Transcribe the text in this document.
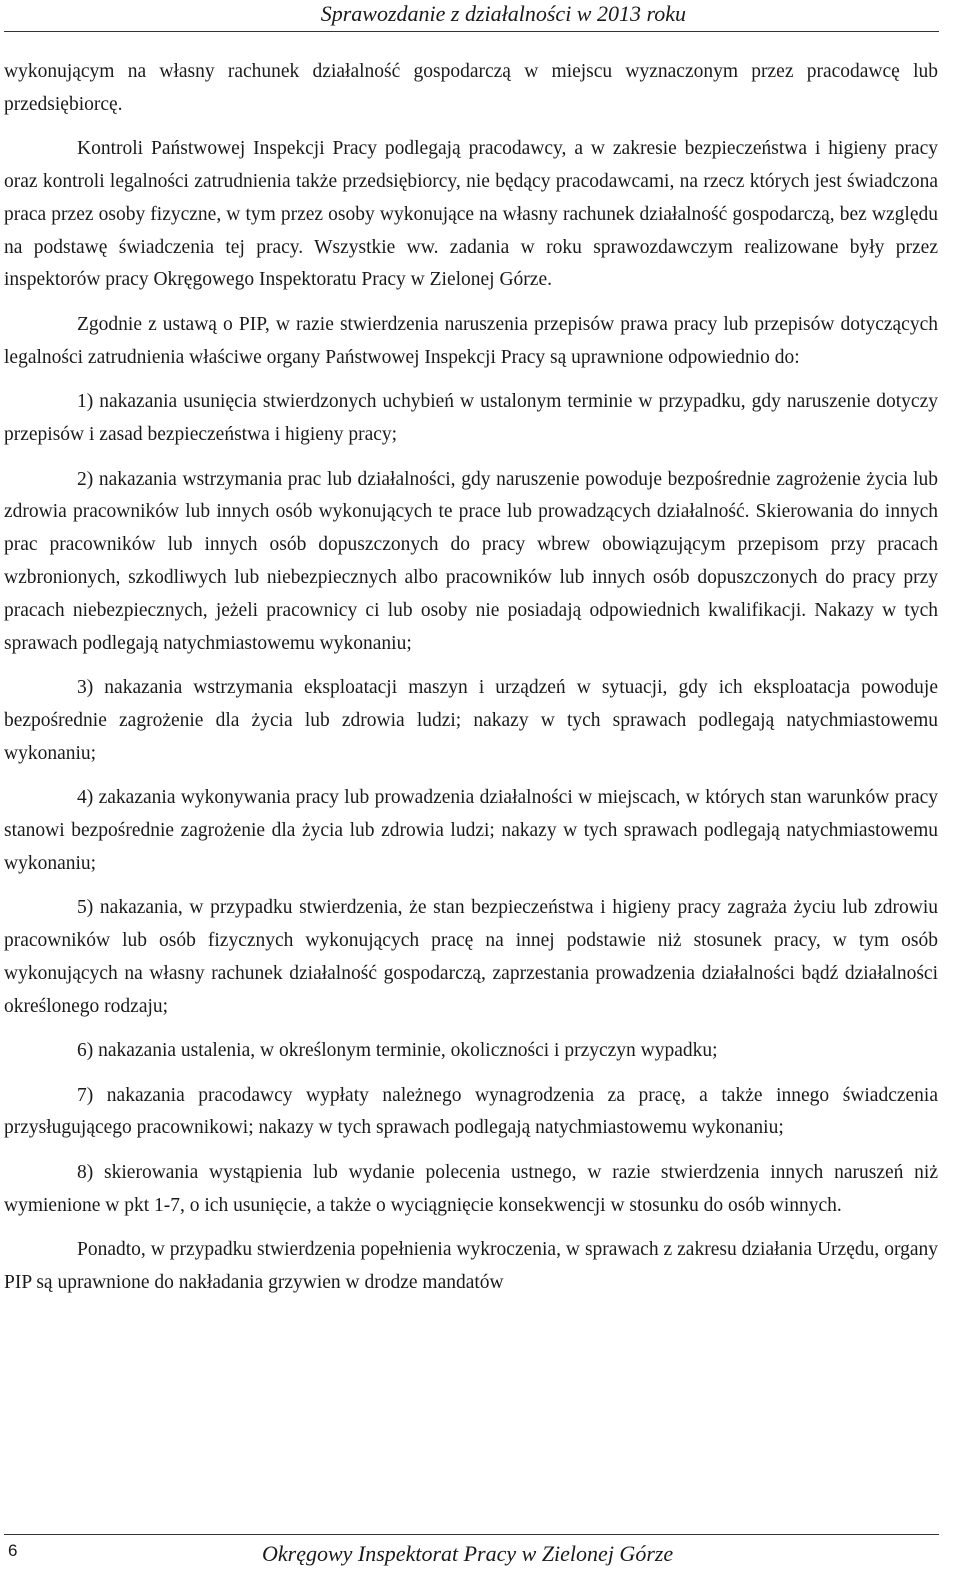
Sprawozdanie z działalności w 2013 roku

wykonującym na własny rachunek działalność gospodarczą w miejscu wyznaczonym przez pracodawcę lub przedsiębiorcę.

Kontroli Państwowej Inspekcji Pracy podlegają pracodawcy, a w zakresie bezpieczeństwa i higieny pracy oraz kontroli legalności zatrudnienia także przedsiębiorcy, nie będący pracodawcami, na rzecz których jest świadczona praca przez osoby fizyczne, w tym przez osoby wykonujące na własny rachunek działalność gospodarczą, bez względu na podstawę świadczenia tej pracy. Wszystkie ww. zadania w roku sprawozdawczym realizowane były przez inspektorów pracy Okręgowego Inspektoratu Pracy w Zielonej Górze.

Zgodnie z ustawą o PIP, w razie stwierdzenia naruszenia przepisów prawa pracy lub przepisów dotyczących legalności zatrudnienia właściwe organy Państwowej Inspekcji Pracy są uprawnione odpowiednio do:

1) nakazania usunięcia stwierdzonych uchybień w ustalonym terminie w przypadku, gdy naruszenie dotyczy przepisów i zasad bezpieczeństwa i higieny pracy;

2) nakazania wstrzymania prac lub działalności, gdy naruszenie powoduje bezpośrednie zagrożenie życia lub zdrowia pracowników lub innych osób wykonujących te prace lub prowadzących działalność. Skierowania do innych prac pracowników lub innych osób dopuszczonych do pracy wbrew obowiązującym przepisom przy pracach wzbronionych, szkodliwych lub niebezpiecznych albo pracowników lub innych osób dopuszczonych do pracy przy pracach niebezpiecznych, jeżeli pracownicy ci lub osoby nie posiadają odpowiednich kwalifikacji. Nakazy w tych sprawach podlegają natychmiastowemu wykonaniu;

3) nakazania wstrzymania eksploatacji maszyn i urządzeń w sytuacji, gdy ich eksploatacja powoduje bezpośrednie zagrożenie dla życia lub zdrowia ludzi; nakazy w tych sprawach podlegają natychmiastowemu wykonaniu;

4) zakazania wykonywania pracy lub prowadzenia działalności w miejscach, w których stan warunków pracy stanowi bezpośrednie zagrożenie dla życia lub zdrowia ludzi; nakazy w tych sprawach podlegają natychmiastowemu wykonaniu;

5) nakazania, w przypadku stwierdzenia, że stan bezpieczeństwa i higieny pracy zagraża życiu lub zdrowiu pracowników lub osób fizycznych wykonujących pracę na innej podstawie niż stosunek pracy, w tym osób wykonujących na własny rachunek działalność gospodarczą, zaprzestania prowadzenia działalności bądź działalności określonego rodzaju;

6) nakazania ustalenia, w określonym terminie, okoliczności i przyczyn wypadku;

7) nakazania pracodawcy wypłaty należnego wynagrodzenia za pracę, a także innego świadczenia przysługującego pracownikowi; nakazy w tych sprawach podlegają natychmiastowemu wykonaniu;

8) skierowania wystąpienia lub wydanie polecenia ustnego, w razie stwierdzenia innych naruszeń niż wymienione w pkt 1-7, o ich usunięcie, a także o wyciągnięcie konsekwencji w stosunku do osób winnych.

Ponadto, w przypadku stwierdzenia popełnienia wykroczenia, w sprawach z zakresu działania Urzędu, organy PIP są uprawnione do nakładania grzywien w drodze mandatów

6	Okręgowy Inspektorat Pracy w Zielonej Górze
